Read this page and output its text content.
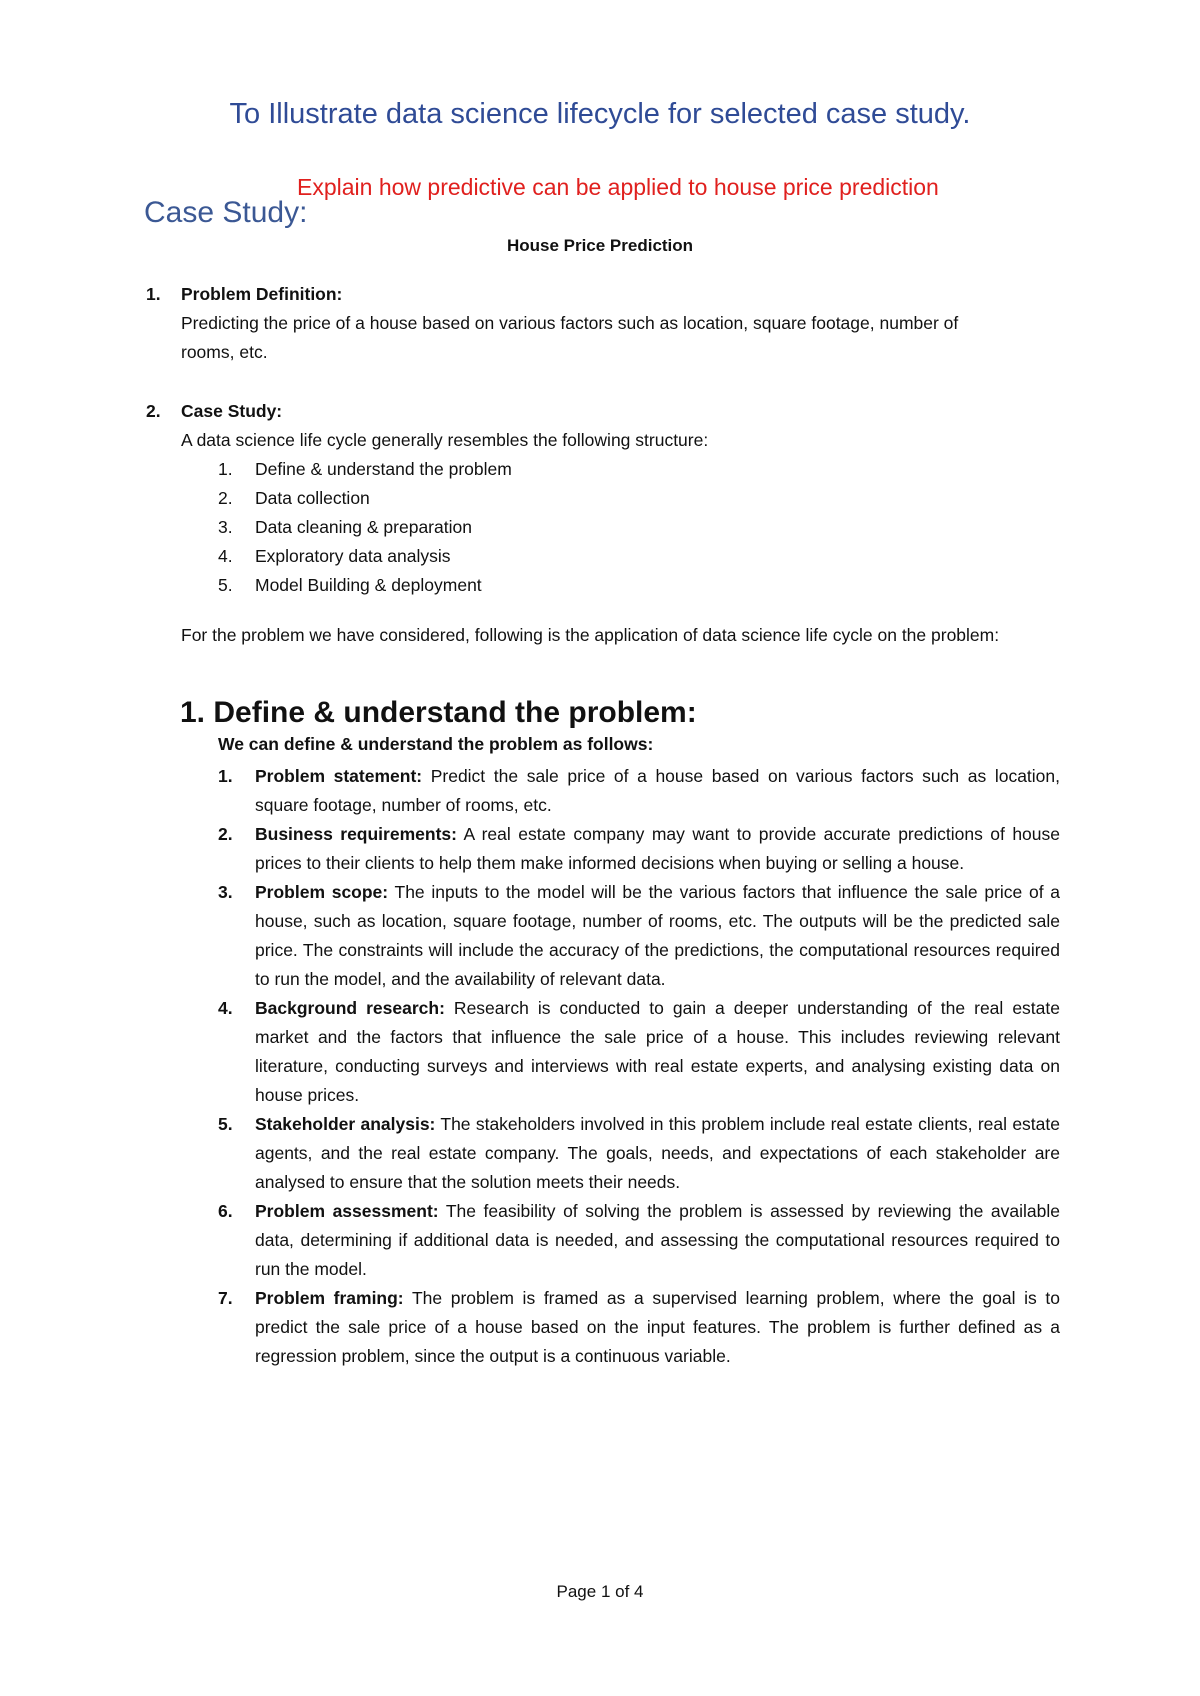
To Illustrate data science lifecycle for selected case study.
Explain how predictive can be applied to house price prediction
Case Study:
House Price Prediction
1. Problem Definition:
Predicting the price of a house based on various factors such as location, square footage, number of rooms, etc.
2. Case Study:
A data science life cycle generally resembles the following structure:
1. Define & understand the problem
2. Data collection
3. Data cleaning & preparation
4. Exploratory data analysis
5. Model Building & deployment
For the problem we have considered, following is the application of data science life cycle on the problem:
1. Define & understand the problem:
We can define & understand the problem as follows:
1. Problem statement: Predict the sale price of a house based on various factors such as location, square footage, number of rooms, etc.
2. Business requirements: A real estate company may want to provide accurate predictions of house prices to their clients to help them make informed decisions when buying or selling a house.
3. Problem scope: The inputs to the model will be the various factors that influence the sale price of a house, such as location, square footage, number of rooms, etc. The outputs will be the predicted sale price. The constraints will include the accuracy of the predictions, the computational resources required to run the model, and the availability of relevant data.
4. Background research: Research is conducted to gain a deeper understanding of the real estate market and the factors that influence the sale price of a house. This includes reviewing relevant literature, conducting surveys and interviews with real estate experts, and analysing existing data on house prices.
5. Stakeholder analysis: The stakeholders involved in this problem include real estate clients, real estate agents, and the real estate company. The goals, needs, and expectations of each stakeholder are analysed to ensure that the solution meets their needs.
6. Problem assessment: The feasibility of solving the problem is assessed by reviewing the available data, determining if additional data is needed, and assessing the computational resources required to run the model.
7. Problem framing: The problem is framed as a supervised learning problem, where the goal is to predict the sale price of a house based on the input features. The problem is further defined as a regression problem, since the output is a continuous variable.
Page 1 of 4
